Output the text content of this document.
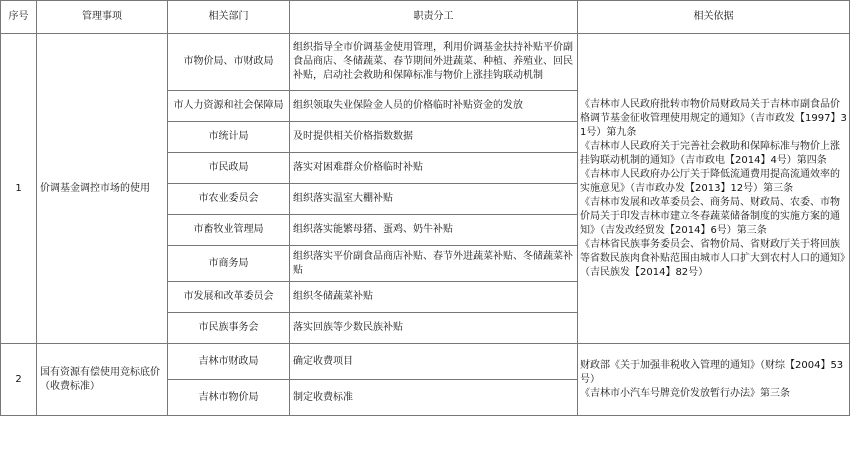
序号	管理事项	相关部门	职责分工	相关依据
1	价调基金调控市场的使用	市物价局、市财政局	组织指导全市价调基金使用管理，利用价调基金扶持补贴平价副食品商店、冬储蔬菜、春节期间外进蔬菜、种植、养殖业、回民补贴，启动社会救助和保障标准与物价上涨挂钩联动机制	《吉林市人民政府批转市物价局财政局关于吉林市副食品价格调节基金征收管理使用规定的通知》（吉市政发【1997】31号）第九条
《吉林市人民政府关于完善社会救助和保障标准与物价上涨挂钩联动机制的通知》（吉市政电【2014】4号）第四条
《吉林市人民政府办公厅关于降低流通费用提高流通效率的实施意见》（吉市政办发【2013】12号）第三条
《吉林市发展和改革委员会、商务局、财政局、农委、市物价局关于印发吉林市建立冬春蔬菜储备制度的实施方案的通知》（吉发改经贸发【2014】6号）第三条
《吉林省民族事务委员会、省物价局、省财政厅关于将回族等省数民族肉食补贴范围由城市人口扩大到农村人口的通知》（吉民族发【2014】82号）

		市人力资源和社会保障局	组织领取失业保险金人员的价格临时补贴资金的发放	
		市统计局	及时提供相关价格指数数据	
		市民政局	落实对困难群众价格临时补贴	
		市农业委员会	组织落实温室大棚补贴	
		市畜牧业管理局	组织落实能繁母猪、蛋鸡、奶牛补贴	
		市商务局	组织落实平价副食品商店补贴、春节外进蔬菜补贴、冬储蔬菜补贴	
		市发展和改革委员会	组织冬储蔬菜补贴	
		市民族事务会	落实回族等少数民族补贴	
2	国有资源有偿使用竞标底价（收费标准）	吉林市财政局	确定收费项目	财政部《关于加强非税收入管理的通知》（财综【2004】53号）
《吉林市小汽车号牌竞价发放暂行办法》第三条

		吉林市物价局	制定收费标准	
